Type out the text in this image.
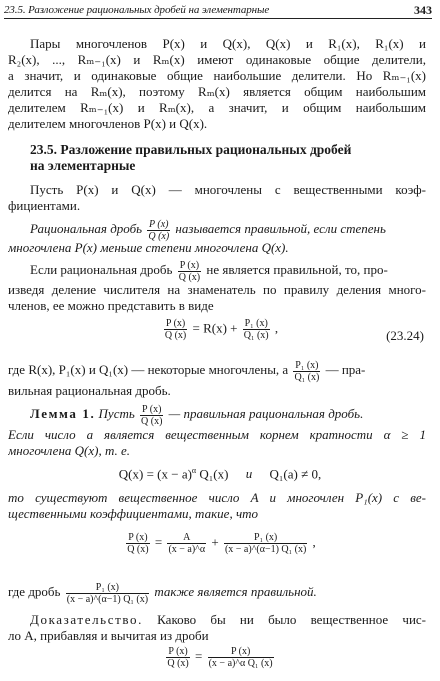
23.5. Разложение рациональных дробей на элементарные	343
Пары многочленов P(x) и Q(x), Q(x) и R₁(x), R₁(x) и
R₂(x), ..., Rₘ₋₁(x) и Rₘ(x) имеют одинаковые общие делители,
а значит, и одинаковые общие наибольшие делители. Но Rₘ₋₁(x)
делится на Rₘ(x), поэтому Rₘ(x) является общим наибольшим
делителем Rₘ₋₁(x) и Rₘ(x), а значит, и общим наибольшим
делителем многочленов P(x) и Q(x).
23.5. Разложение правильных рациональных дробей
на элементарные
Пусть P(x) и Q(x) — многочлены с вещественными коэф-
фициентами.
Рациональная дробь $\frac{P (x)}{Q (x)}$ называется правильной, если степень
многочлена P(x) меньше степени многочлена Q(x).
Если рациональная дробь $\frac{P (x)}{Q (x)}$ не является правильной, то, про-
изведя деление числителя на знаменатель по правилу деления много-
членов, ее можно представить в виде
$\frac{P (x)}{Q (x)} = R(x) + \frac{\text{P₁ (x)}}{\text{Q₁ (x)}}$ ,
(23.24)
где R(x), P₁(x) и Q₁(x) — некоторые многочлены, а $\frac{\text{P₁ (x)}}{\text{Q₁ (x)}}$ — пра-
вильная рациональная дробь.
Лемма 1. Пусть $\frac{P (x)}{Q (x)}$ — правильная рациональная дробь.
Если число a является вещественным корнем кратности α ≥ 1
многочлена Q(x), т. е.
$Q(x) = (x - a)^\alpha$ Q₁(x) и Q₁(a) ≠ 0,
то существуют вещественное число A и многочлен P₁(x) с ве-
щественными коэффициентами, такие, что
$\frac{P (x)}{Q (x)} = \frac{A}{(x - a)\^{}\alpha} + \frac{\text{P₁ (x)}}{\text{(x − a)\textasciicircum{}(α−1) Q₁ (x)}}$ ,
где дробь $\frac{\text{P₁ (x)}}{\text{(x − a)\textasciicircum{}(α−1) Q₁ (x)}}$ также является правильной.
Доказательство. Каково бы ни было вещественное чис-
ло A, прибавляя и вычитая из дроби
$\frac{P (x)}{Q (x)} = \frac{P (x)}{\text{(x − a)\textasciicircum{}α Q₁ (x)}}$
